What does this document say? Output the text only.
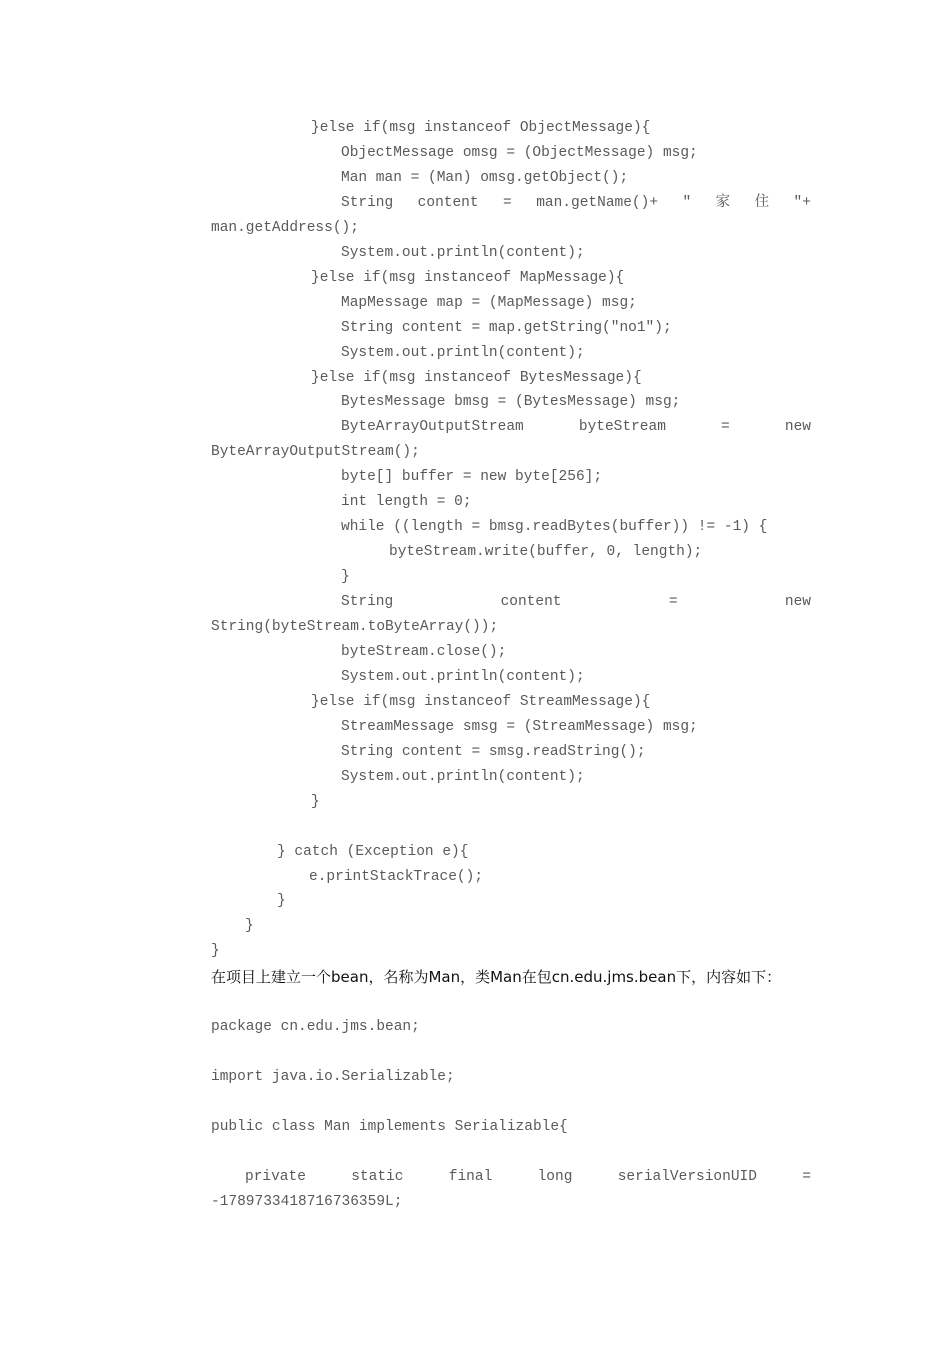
}else if(msg instanceof ObjectMessage){
ObjectMessage omsg = (ObjectMessage) msg;
Man man = (Man) omsg.getObject();
String content = man.getName()+ " 家 住 "+
man.getAddress();
System.out.println(content);
}else if(msg instanceof MapMessage){
MapMessage map = (MapMessage) msg;
String content = map.getString("no1");
System.out.println(content);
}else if(msg instanceof BytesMessage){
BytesMessage bmsg = (BytesMessage) msg;
ByteArrayOutputStream	byteStream	=	new
ByteArrayOutputStream();
byte[] buffer = new byte[256];
int length = 0;
while ((length = bmsg.readBytes(buffer)) != -1) {
byteStream.write(buffer, 0, length);
}
String	content	=	new
String(byteStream.toByteArray());
byteStream.close();
System.out.println(content);
}else if(msg instanceof StreamMessage){
StreamMessage smsg = (StreamMessage) msg;
String content = smsg.readString();
System.out.println(content);
}
} catch (Exception e){
e.printStackTrace();
}
}
}
在项目上建立一个bean，名称为Man，类Man在包cn.edu.jms.bean下，内容如下：
package cn.edu.jms.bean;
import java.io.Serializable;
public class Man implements Serializable{
private	static	final	long	serialVersionUID	=
-1789733418716736359L;
